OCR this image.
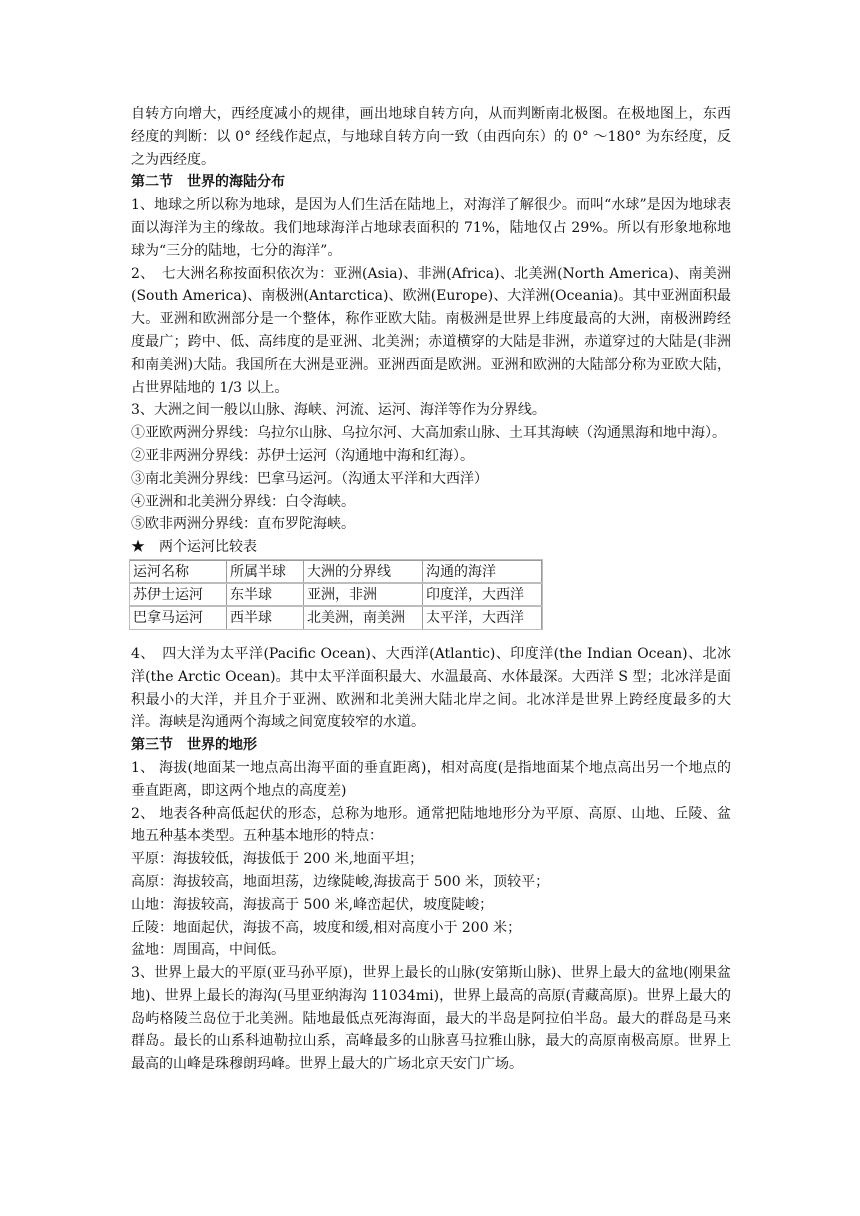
自转方向增大，西经度减小的规律，画出地球自转方向，从而判断南北极图。在极地图上，东西经度的判断：以 0° 经线作起点，与地球自转方向一致（由西向东）的 0° ～180° 为东经度，反之为西经度。

第二节　世界的海陆分布

1、地球之所以称为地球，是因为人们生活在陆地上，对海洋了解很少。而叫“水球”是因为地球表面以海洋为主的缘故。我们地球海洋占地球表面积的 71%，陆地仅占 29%。所以有形象地称地球为“三分的陆地，七分的海洋”。

2、　七大洲名称按面积依次为：亚洲(Asia)、非洲(Africa)、北美洲(North America)、南美洲(South America)、南极洲(Antarctica)、欧洲(Europe)、大洋洲(Oceania)。其中亚洲面积最大。亚洲和欧洲部分是一个整体，称作亚欧大陆。南极洲是世界上纬度最高的大洲，南极洲跨经度最广；跨中、低、高纬度的是亚洲、北美洲；赤道横穿的大陆是非洲，赤道穿过的大陆是(非洲和南美洲)大陆。我国所在大洲是亚洲。亚洲西面是欧洲。亚洲和欧洲的大陆部分称为亚欧大陆，占世界陆地的 1/3 以上。

3、大洲之间一般以山脉、海峡、河流、运河、海洋等作为分界线。

①亚欧两洲分界线：乌拉尔山脉、乌拉尔河、大高加索山脉、土耳其海峡（沟通黑海和地中海）。

②亚非两洲分界线：苏伊士运河（沟通地中海和红海）。

③南北美洲分界线：巴拿马运河。（沟通太平洋和大西洋）

④亚洲和北美洲分界线：白令海峡。

⑤欧非两洲分界线：直布罗陀海峡。

★　两个运河比较表

运河名称	所属半球	大洲的分界线	沟通的海洋
苏伊士运河	东半球	亚洲，非洲	印度洋，大西洋
巴拿马运河	西半球	北美洲，南美洲	太平洋，大西洋

4、　四大洋为太平洋(Pacific Ocean)、大西洋(Atlantic)、印度洋(the Indian Ocean)、北冰洋(the Arctic Ocean)。其中太平洋面积最大、水温最高、水体最深。大西洋 S 型；北冰洋是面积最小的大洋，并且介于亚洲、欧洲和北美洲大陆北岸之间。北冰洋是世界上跨经度最多的大洋。海峡是沟通两个海域之间宽度较窄的水道。

第三节　世界的地形

1、 海拔(地面某一地点高出海平面的垂直距离)，相对高度(是指地面某个地点高出另一个地点的垂直距离，即这两个地点的高度差)

2、 地表各种高低起伏的形态，总称为地形。通常把陆地地形分为平原、高原、山地、丘陵、盆地五种基本类型。五种基本地形的特点：

平原：海拔较低，海拔低于 200 米,地面平坦；

高原：海拔较高，地面坦荡，边缘陡峻,海拔高于 500 米，顶较平；

山地：海拔较高，海拔高于 500 米,峰峦起伏，坡度陡峻；

丘陵：地面起伏，海拔不高，坡度和缓,相对高度小于 200 米；

盆地：周围高，中间低。

3、世界上最大的平原(亚马孙平原)，世界上最长的山脉(安第斯山脉)、世界上最大的盆地(刚果盆地)、世界上最长的海沟(马里亚纳海沟 11034mi)，世界上最高的高原(青藏高原)。世界上最大的岛屿格陵兰岛位于北美洲。陆地最低点死海海面，最大的半岛是阿拉伯半岛。最大的群岛是马来群岛。最长的山系科迪勒拉山系，高峰最多的山脉喜马拉雅山脉，最大的高原南极高原。世界上最高的山峰是珠穆朗玛峰。世界上最大的广场北京天安门广场。
